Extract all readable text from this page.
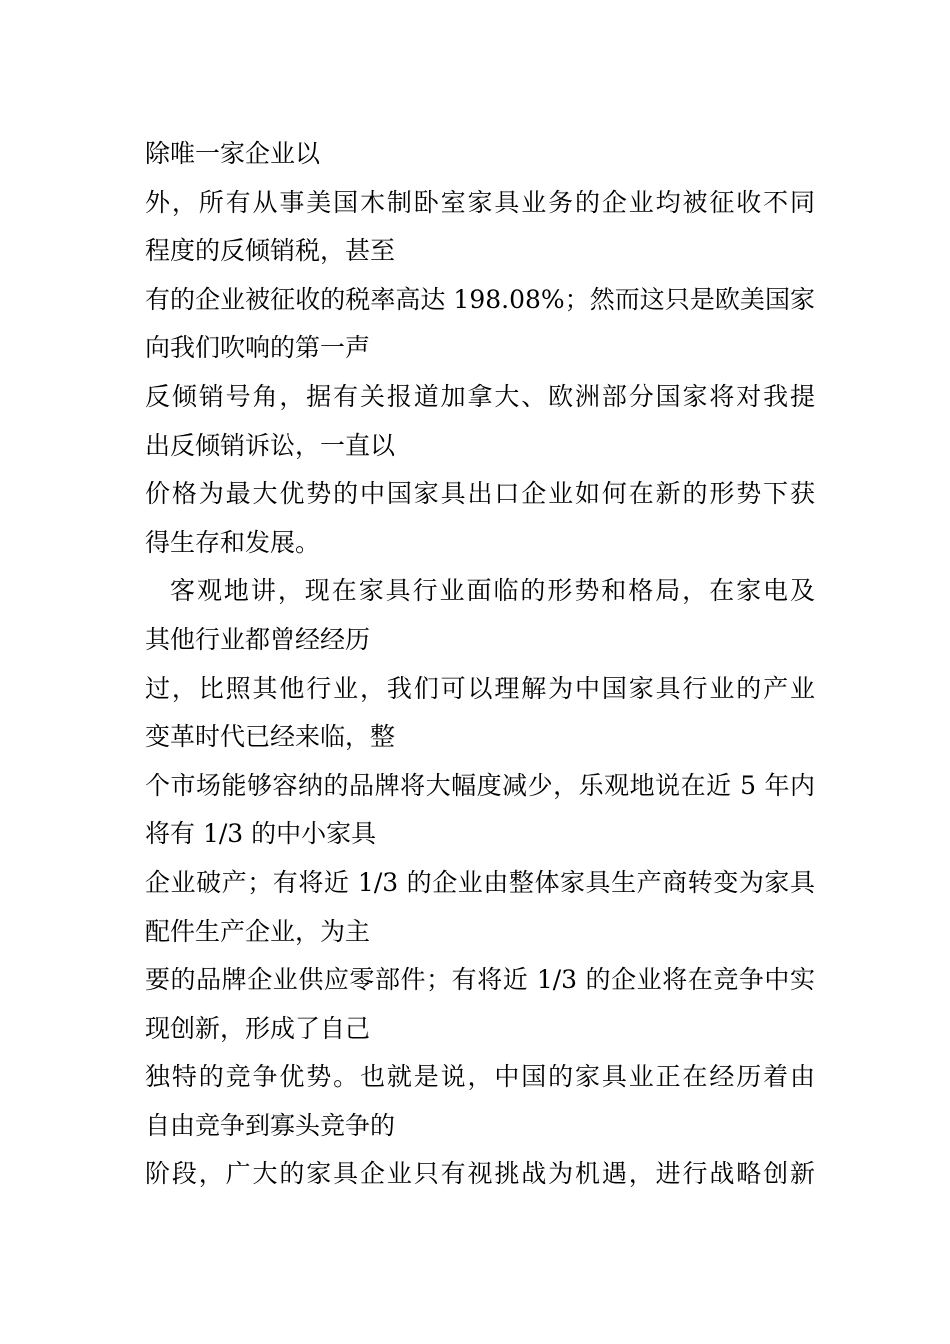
除唯一家企业以
外，所有从事美国木制卧室家具业务的企业均被征收不同
程度的反倾销税，甚至
有的企业被征收的税率高达 198.08%；然而这只是欧美国家
向我们吹响的第一声
反倾销号角，据有关报道加拿大、欧洲部分国家将对我提
出反倾销诉讼，一直以
价格为最大优势的中国家具出口企业如何在新的形势下获
得生存和发展。
客观地讲，现在家具行业面临的形势和格局，在家电及
其他行业都曾经经历
过，比照其他行业，我们可以理解为中国家具行业的产业
变革时代已经来临，整
个市场能够容纳的品牌将大幅度减少，乐观地说在近 5 年内
将有 1/3 的中小家具
企业破产；有将近 1/3 的企业由整体家具生产商转变为家具
配件生产企业，为主
要的品牌企业供应零部件；有将近 1/3 的企业将在竞争中实
现创新，形成了自己
独特的竞争优势。也就是说，中国的家具业正在经历着由
自由竞争到寡头竞争的
阶段，广大的家具企业只有视挑战为机遇，进行战略创新
